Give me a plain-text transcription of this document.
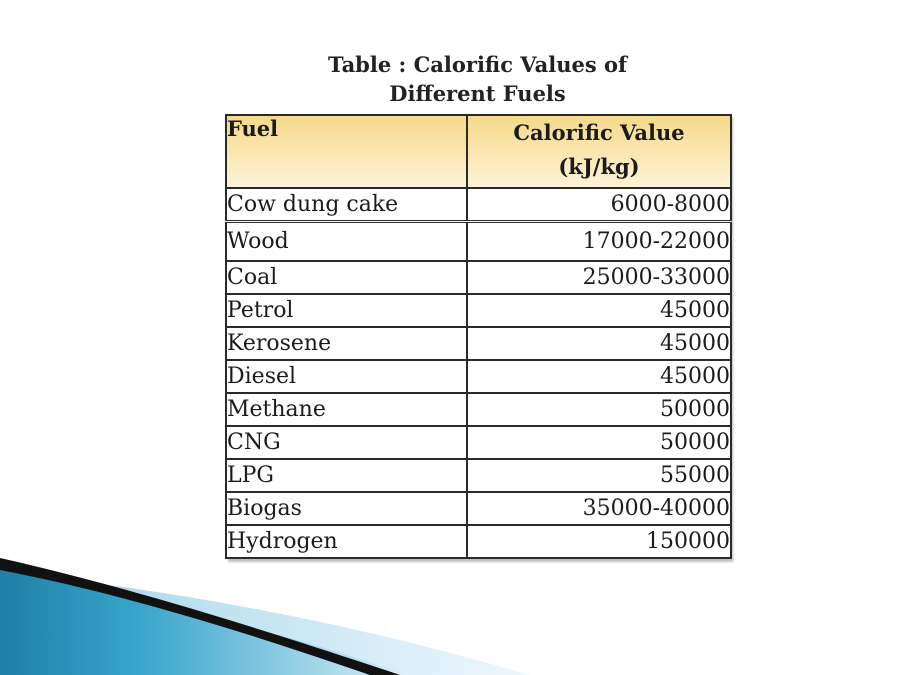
Table : Calorific Values of
Different Fuels
Fuel	Calorific Value
(kJ/kg)

Cow dung cake	6000-8000
Wood	17000-22000
Coal	25000-33000
Petrol	45000
Kerosene	45000
Diesel	45000
Methane	50000
CNG	50000
LPG	55000
Biogas	35000-40000
Hydrogen	150000
